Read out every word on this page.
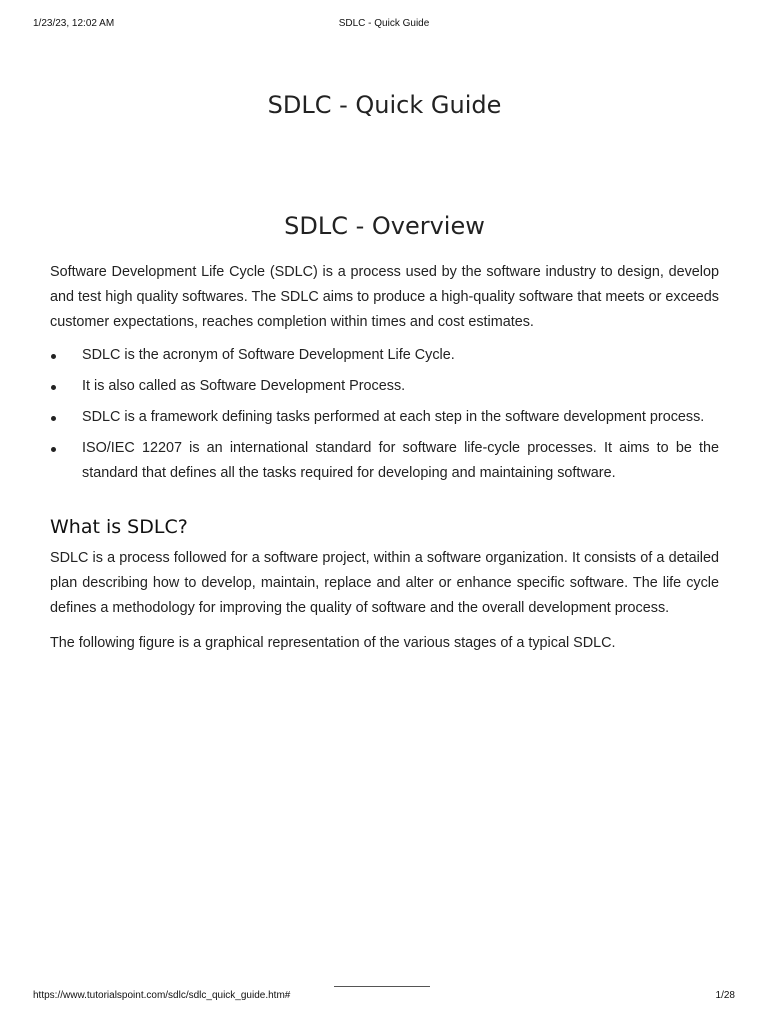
1/23/23, 12:02 AM	SDLC - Quick Guide
SDLC - Quick Guide
SDLC - Overview

Software Development Life Cycle (SDLC) is a process used by the software industry to design, develop and test high quality softwares. The SDLC aims to produce a high-quality software that meets or exceeds customer expectations, reaches completion within times and cost estimates.

SDLC is the acronym of Software Development Life Cycle.
It is also called as Software Development Process.
SDLC is a framework defining tasks performed at each step in the software development process.
ISO/IEC 12207 is an international standard for software life-cycle processes. It aims to be the standard that defines all the tasks required for developing and maintaining software.
What is SDLC?

SDLC is a process followed for a software project, within a software organization. It consists of a detailed plan describing how to develop, maintain, replace and alter or enhance specific software. The life cycle defines a methodology for improving the quality of software and the overall development process.

The following figure is a graphical representation of the various stages of a typical SDLC.

https://www.tutorialspoint.com/sdlc/sdlc_quick_guide.htm#	1/28
